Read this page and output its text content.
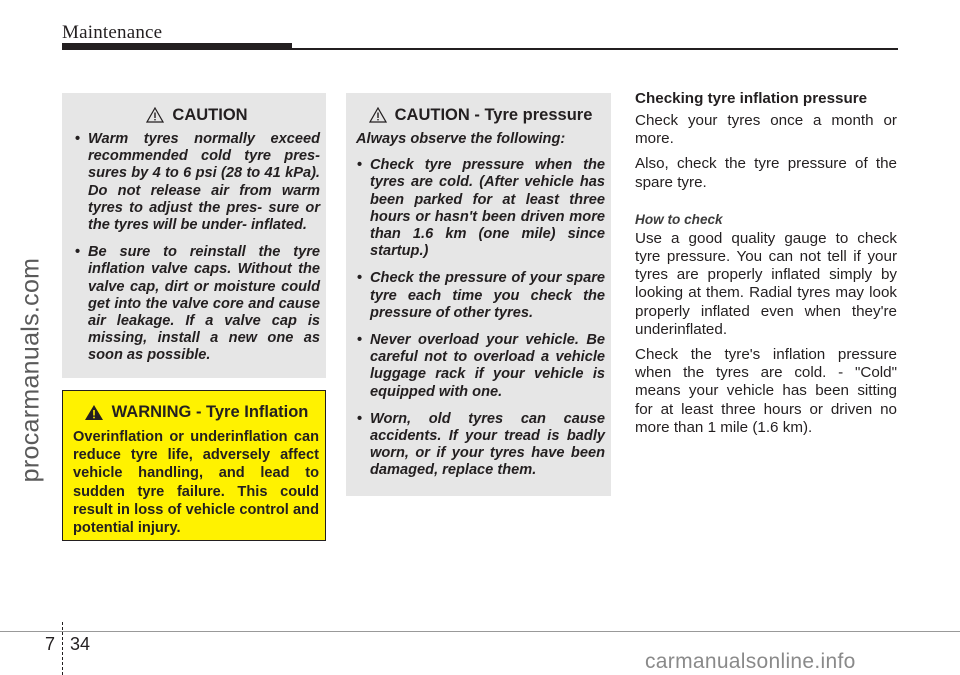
Maintenance
procarmanuals.com
CAUTION
• Warm tyres normally exceed recommended cold tyre pres- sures by 4 to 6 psi (28 to 41 kPa). Do not release air from warm tyres to adjust the pres- sure or the tyres will be under- inflated.
• Be sure to reinstall the tyre inflation valve caps. Without the valve cap, dirt or moisture could get into the valve core and cause air leakage. If a valve cap is missing, install a new one as soon as possible.
WARNING - Tyre Inflation

Overinflation or underinflation can reduce tyre life, adversely affect vehicle handling, and lead to sudden tyre failure. This could result in loss of vehicle control and potential injury.

CAUTION - Tyre pressure
Always observe the following:
• Check tyre pressure when the tyres are cold. (After vehicle has been parked for at least three hours or hasn't been driven more than 1.6 km (one mile) since startup.)
• Check the pressure of your spare tyre each time you check the pressure of other tyres.
• Never overload your vehicle. Be careful not to overload a vehicle luggage rack if your vehicle is equipped with one.
• Worn, old tyres can cause accidents. If your tread is badly worn, or if your tyres have been damaged, replace them.
Checking tyre inflation pressure

Check your tyres once a month or more.

Also, check the tyre pressure of the spare tyre.

How to check

Use a good quality gauge to check tyre pressure. You can not tell if your tyres are properly inflated simply by looking at them. Radial tyres may look properly inflated even when they're underinflated.

Check the tyre's inflation pressure when the tyres are cold. - "Cold" means your vehicle has been sitting for at least three hours or driven no more than 1 mile (1.6 km).

7 34
carmanualsonline.info
